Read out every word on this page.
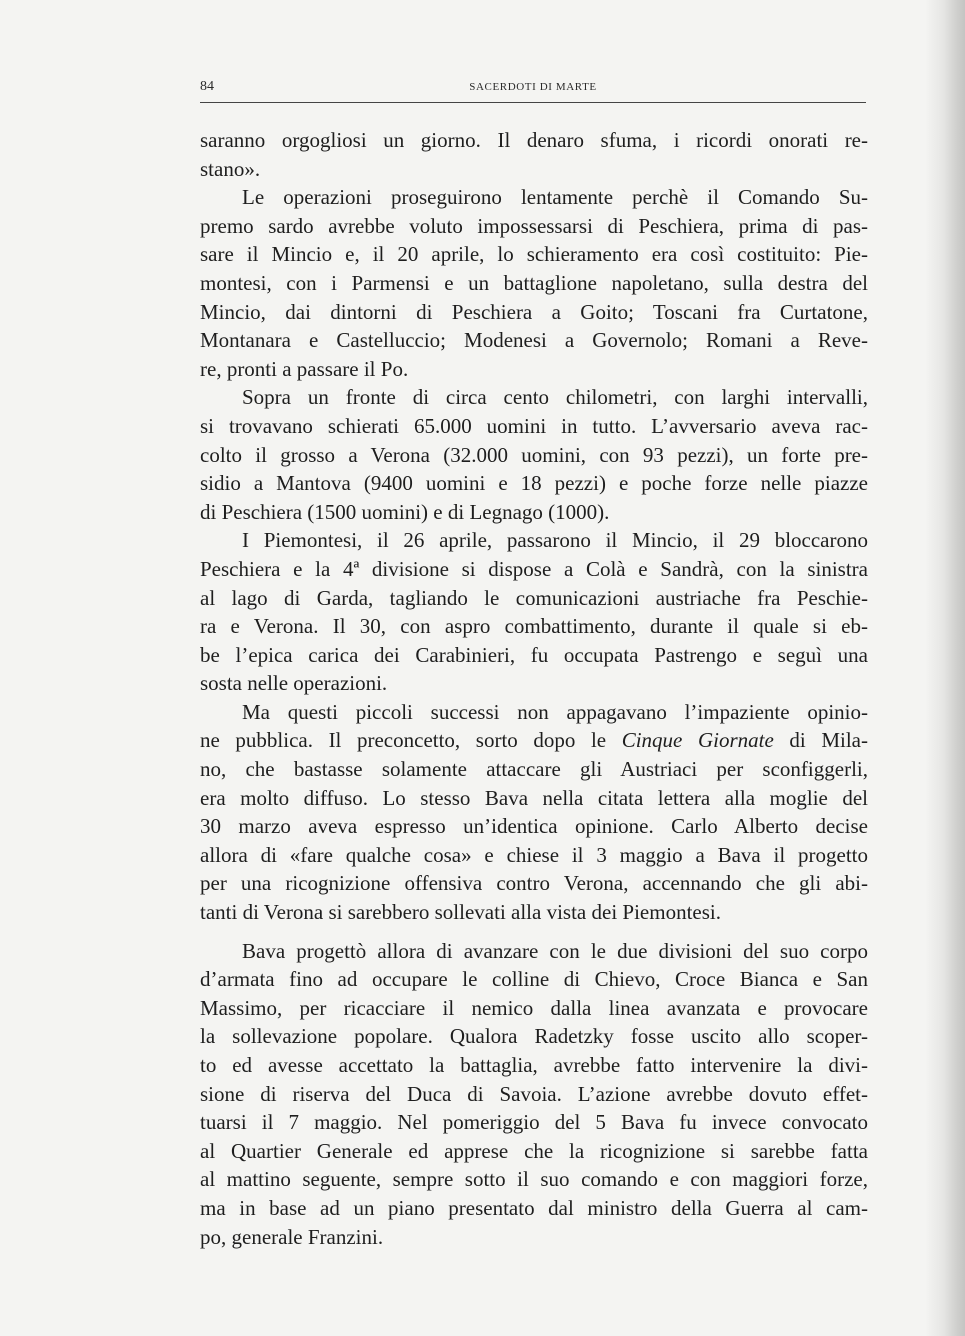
84	SACERDOTI DI MARTE

saranno orgogliosi un giorno. Il denaro sfuma, i ricordi onorati re-
stano».

Le operazioni proseguirono lentamente perchè il Comando Su-
premo sardo avrebbe voluto impossessarsi di Peschiera, prima di pas-
sare il Mincio e, il 20 aprile, lo schieramento era così costituito: Pie-
montesi, con i Parmensi e un battaglione napoletano, sulla destra del
Mincio, dai dintorni di Peschiera a Goito; Toscani fra Curtatone,
Montanara e Castelluccio; Modenesi a Governolo; Romani a Reve-
re, pronti a passare il Po.

Sopra un fronte di circa cento chilometri, con larghi intervalli,
si trovavano schierati 65.000 uomini in tutto. L’avversario aveva rac-
colto il grosso a Verona (32.000 uomini, con 93 pezzi), un forte pre-
sidio a Mantova (9400 uomini e 18 pezzi) e poche forze nelle piazze
di Peschiera (1500 uomini) e di Legnago (1000).

I Piemontesi, il 26 aprile, passarono il Mincio, il 29 bloccarono
Peschiera e la 4ª divisione si dispose a Colà e Sandrà, con la sinistra
al lago di Garda, tagliando le comunicazioni austriache fra Peschie-
ra e Verona. Il 30, con aspro combattimento, durante il quale si eb-
be l’epica carica dei Carabinieri, fu occupata Pastrengo e seguì una
sosta nelle operazioni.

Ma questi piccoli successi non appagavano l’impaziente opinio-
ne pubblica. Il preconcetto, sorto dopo le Cinque Giornate di Mila-
no, che bastasse solamente attaccare gli Austriaci per sconfiggerli,
era molto diffuso. Lo stesso Bava nella citata lettera alla moglie del
30 marzo aveva espresso un’identica opinione. Carlo Alberto decise
allora di «fare qualche cosa» e chiese il 3 maggio a Bava il progetto
per una ricognizione offensiva contro Verona, accennando che gli abi-
tanti di Verona si sarebbero sollevati alla vista dei Piemontesi.

Bava progettò allora di avanzare con le due divisioni del suo corpo
d’armata fino ad occupare le colline di Chievo, Croce Bianca e San
Massimo, per ricacciare il nemico dalla linea avanzata e provocare
la sollevazione popolare. Qualora Radetzky fosse uscito allo scoper-
to ed avesse accettato la battaglia, avrebbe fatto intervenire la divi-
sione di riserva del Duca di Savoia. L’azione avrebbe dovuto effet-
tuarsi il 7 maggio. Nel pomeriggio del 5 Bava fu invece convocato
al Quartier Generale ed apprese che la ricognizione si sarebbe fatta
al mattino seguente, sempre sotto il suo comando e con maggiori forze,
ma in base ad un piano presentato dal ministro della Guerra al cam-
po, generale Franzini.
